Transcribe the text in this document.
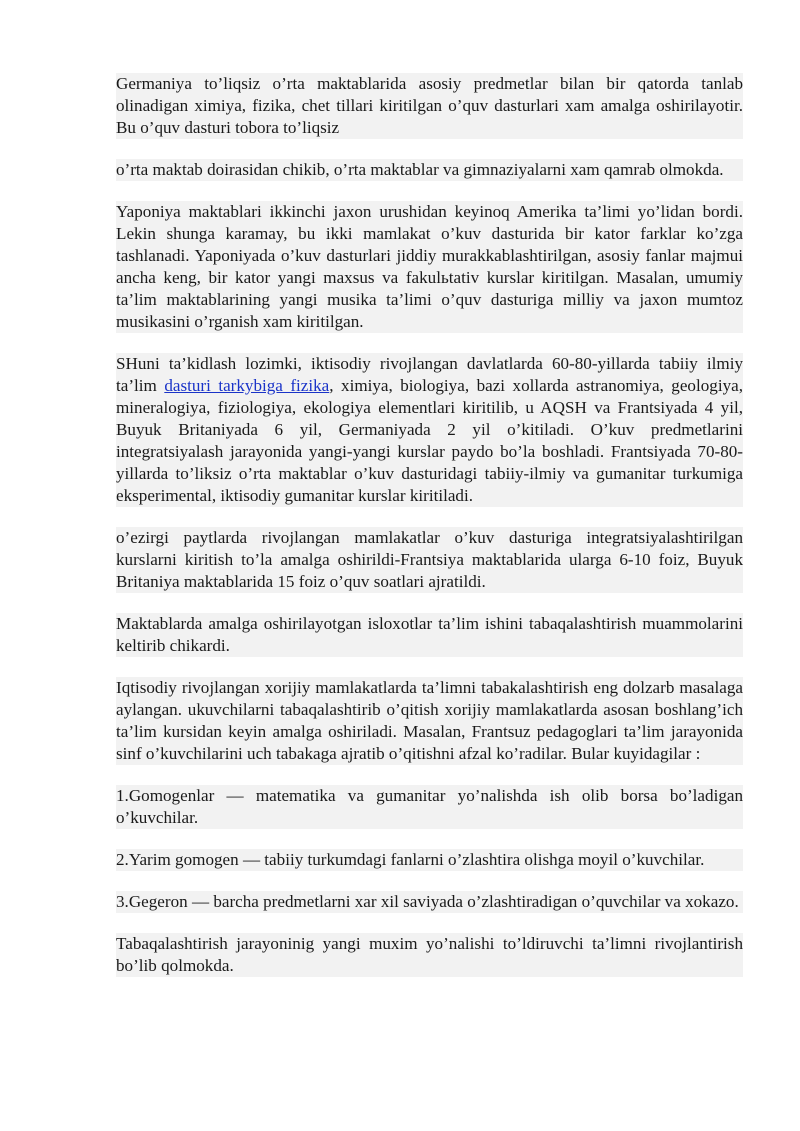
Germaniya to’liqsiz o’rta maktablarida asosiy predmetlar bilan bir qatorda tanlab olinadigan ximiya, fizika, chet tillari kiritilgan o’quv dasturlari xam amalga oshirilayotir. Bu o’quv dasturi tobora to’liqsiz

o’rta maktab doirasidan chikib, o’rta maktablar va gimnaziyalarni xam qamrab olmokda.

Yaponiya maktablari ikkinchi jaxon urushidan keyinoq Amerika ta’limi yo’lidan bordi. Lekin shunga karamay, bu ikki mamlakat o’kuv dasturida bir kator farklar ko’zga tashlanadi. Yaponiyada o’kuv dasturlari jiddiy murakkablashtirilgan, asosiy fanlar majmui ancha keng, bir kator yangi maxsus va fakulьtativ kurslar kiritilgan. Masalan, umumiy ta’lim maktablarining yangi musika ta’limi o’quv dasturiga milliy va jaxon mumtoz musikasini o’rganish xam kiritilgan.

SHuni ta’kidlash lozimki, iktisodiy rivojlangan davlatlarda 60-80-yillarda tabiiy ilmiy ta’lim dasturi tarkybiga fizika, ximiya, biologiya, bazi xollarda astranomiya, geologiya, mineralogiya, fiziologiya, ekologiya elementlari kiritilib, u AQSH va Frantsiyada 4 yil, Buyuk Britaniyada 6 yil, Germaniyada 2 yil o’kitiladi. O’kuv predmetlarini integratsiyalash jarayonida yangi-yangi kurslar paydo bo’la boshladi. Frantsiyada 70-80-yillarda to’liksiz o’rta maktablar o’kuv dasturidagi tabiiy-ilmiy va gumanitar turkumiga eksperimental, iktisodiy gumanitar kurslar kiritiladi.

o’ezirgi paytlarda rivojlangan mamlakatlar o’kuv dasturiga integratsiyalashtirilgan kurslarni kiritish to’la amalga oshirildi-Frantsiya maktablarida ularga 6-10 foiz, Buyuk Britaniya maktablarida 15 foiz o’quv soatlari ajratildi.

Maktablarda amalga oshirilayotgan isloxotlar ta’lim ishini tabaqalashtirish muammolarini keltirib chikardi.

Iqtisodiy rivojlangan xorijiy mamlakatlarda ta’limni tabakalashtirish eng dolzarb masalaga aylangan. ukuvchilarni tabaqalashtirib o’qitish xorijiy mamlakatlarda asosan boshlang’ich ta’lim kursidan keyin amalga oshiriladi. Masalan, Frantsuz pedagoglari ta’lim jarayonida sinf o’kuvchilarini uch tabakaga ajratib o’qitishni afzal ko’radilar. Bular kuyidagilar :

1.Gomogenlar — matematika va gumanitar yo’nalishda ish olib borsa bo’ladigan o’kuvchilar.

2.Yarim gomogen — tabiiy turkumdagi fanlarni o’zlashtira olishga moyil o’kuvchilar.

3.Gegeron — barcha predmetlarni xar xil saviyada o’zlashtiradigan o’quvchilar va xokazo.

Tabaqalashtirish jarayoninig yangi muxim yo’nalishi to’ldiruvchi ta’limni rivojlantirish bo’lib qolmokda.
